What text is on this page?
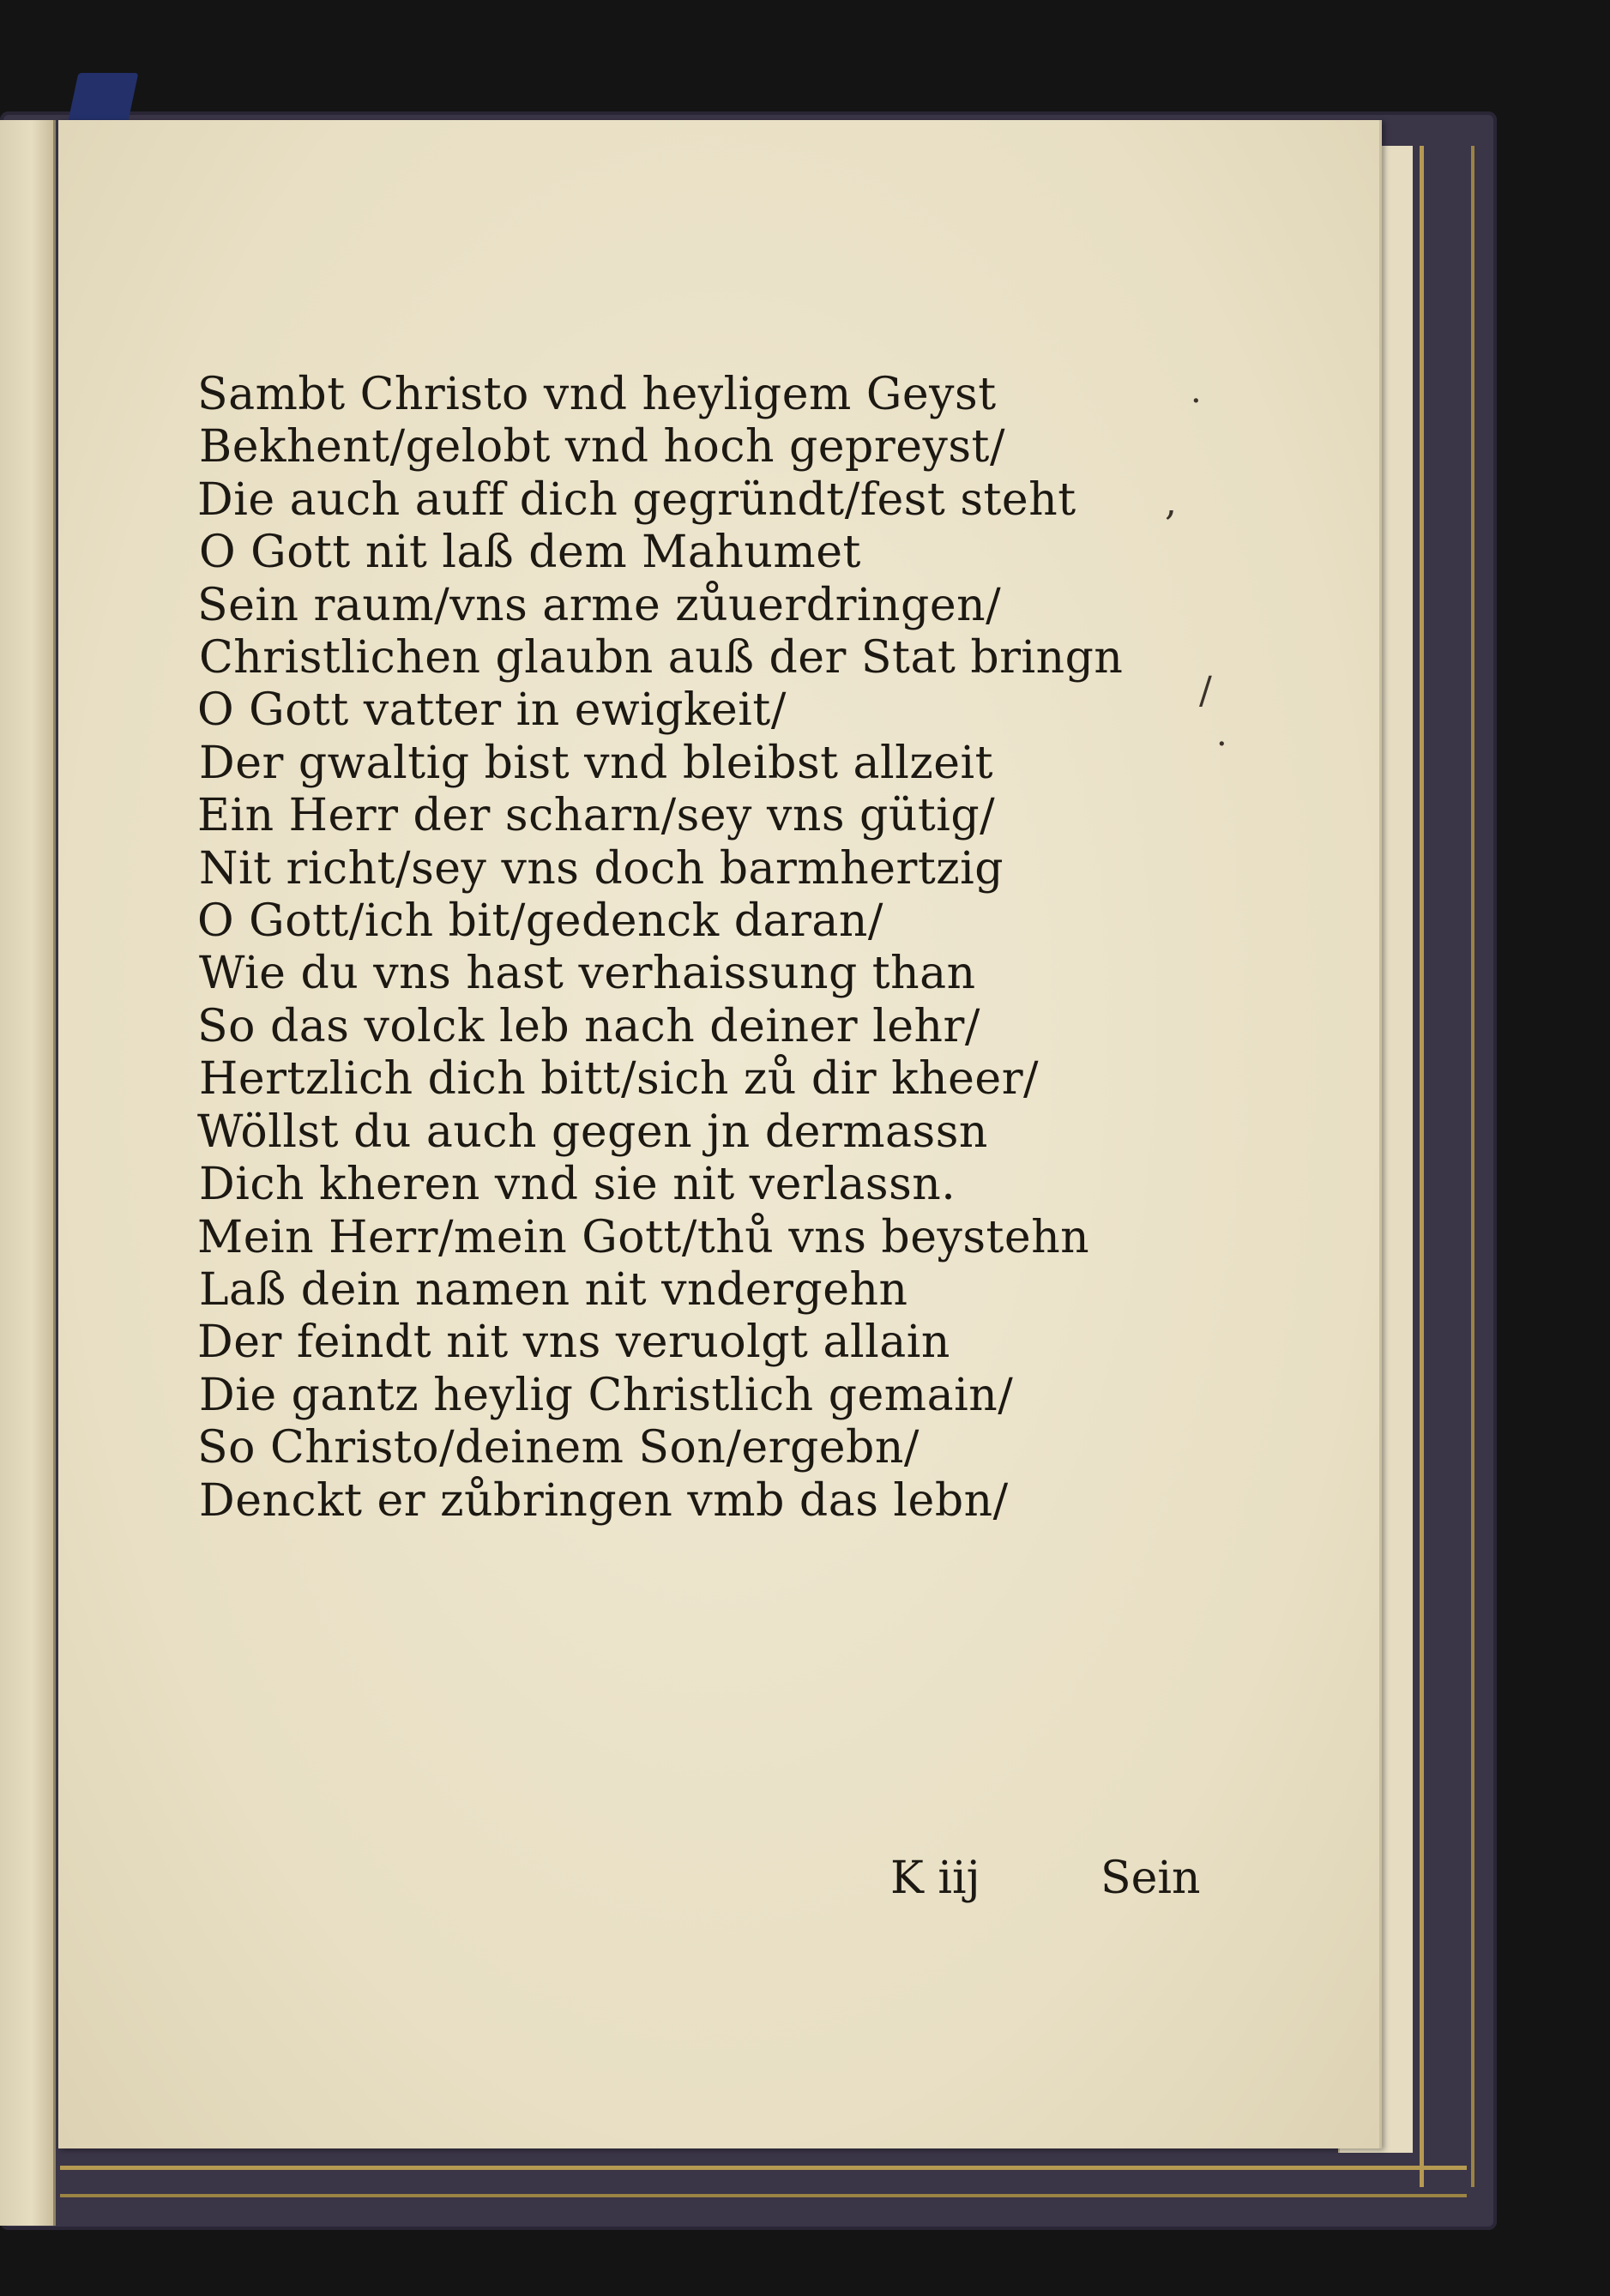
Sambt Christo vnd heyligem Geyst
Bekhent/gelobt vnd hoch gepreyst/
Die auch auff dich gegründt/fest steht
O Gott nit laß dem Mahumet
Sein raum/vns arme zůuerdringen/
Christlichen glaubn auß der Stat bringn
O Gott vatter in ewigkeit/
Der gwaltig bist vnd bleibst allzeit
Ein Herr der scharn/sey vns gütig/
Nit richt/sey vns doch barmhertzig
O Gott/ich bit/gedenck daran/
Wie du vns hast verhaissung than
So das volck leb nach deiner lehr/
Hertzlich dich bitt/sich zů dir kheer/
Wöllst du auch gegen jn dermassn
Dich kheren vnd sie nit verlassn.
Mein Herr/mein Gott/thů vns beystehn
Laß dein namen nit vndergehn
Der feindt nit vns veruolgt allain
Die gantz heylig Christlich gemain/
So Christo/deinem Son/ergebn/
Denckt er zůbringen vmb das lebn/
K iij	Sein
·
,
/
·
